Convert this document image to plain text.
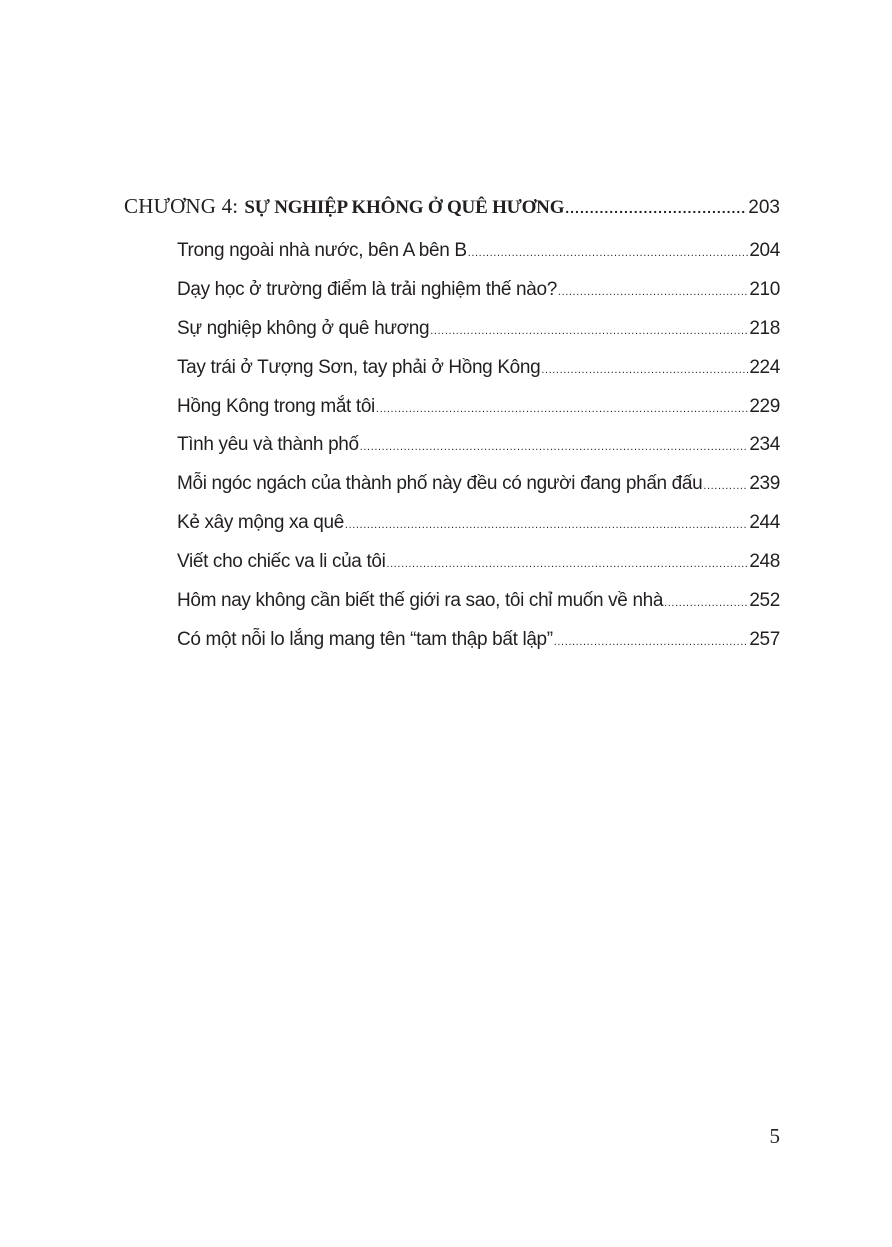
CHƯƠNG 4: SỰ NGHIỆP KHÔNG Ở QUÊ HƯƠNG .....	203
Trong ngoài nhà nước, bên A bên B .....	204
Dạy học ở trường điểm là trải nghiệm thế nào? .....	210
Sự nghiệp không ở quê hương .....	218
Tay trái ở Tượng Sơn, tay phải ở Hồng Kông .....	224
Hồng Kông trong mắt tôi .....	229
Tình yêu và thành phố .....	234
Mỗi ngóc ngách của thành phố này đều có người đang phấn đấu ..... 239
Kẻ xây mộng xa quê .....	244
Viết cho chiếc va li của tôi .....	248
Hôm nay không cần biết thế giới ra sao, tôi chỉ muốn về nhà .....	252
Có một nỗi lo lắng mang tên “tam thập bất lập” .....	257
5
